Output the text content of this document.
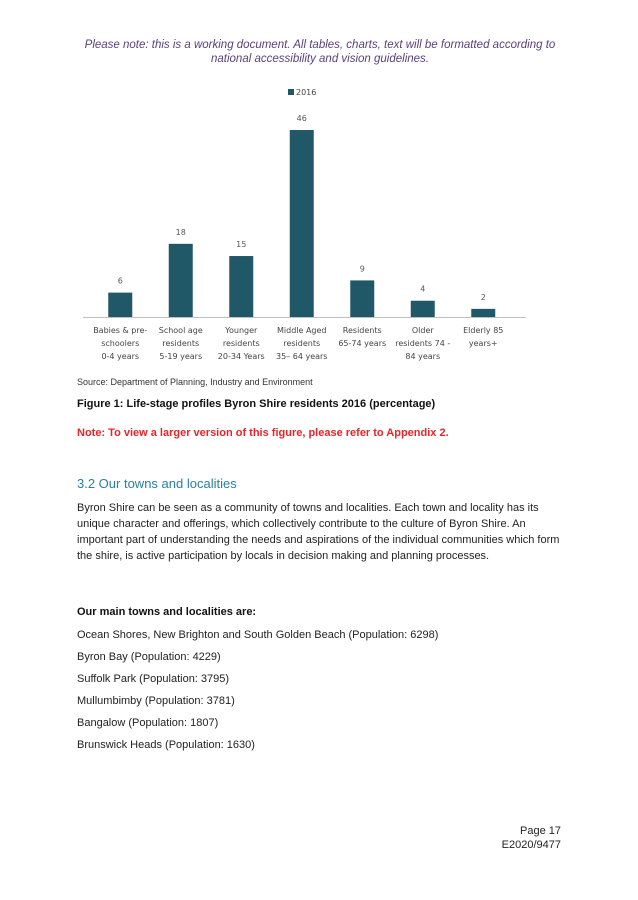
Please note: this is a working document. All tables, charts, text will be formatted according to national accessibility and vision guidelines.
2016
6
Babies & pre-schoolers 0-4 years
18
School age residents 5-19 years
15
Younger residents 20-34 Years
46
Middle Aged residents 35– 64 years
9
Residents 65-74 years
4
Older residents 74 -84 years
2
Elderly 85 years+
Source: Department of Planning, Industry and Environment
Figure 1: Life-stage profiles Byron Shire residents 2016 (percentage)
Note: To view a larger version of this figure, please refer to Appendix 2.
3.2 Our towns and localities
Byron Shire can be seen as a community of towns and localities. Each town and locality has its unique character and offerings, which collectively contribute to the culture of Byron Shire. An important part of understanding the needs and aspirations of the individual communities which form the shire, is active participation by locals in decision making and planning processes.
Our main towns and localities are:
Ocean Shores, New Brighton and South Golden Beach (Population: 6298)
Byron Bay (Population: 4229)
Suffolk Park (Population: 3795)
Mullumbimby (Population: 3781)
Bangalow (Population: 1807)
Brunswick Heads (Population: 1630)
Page 17
E2020/9477
